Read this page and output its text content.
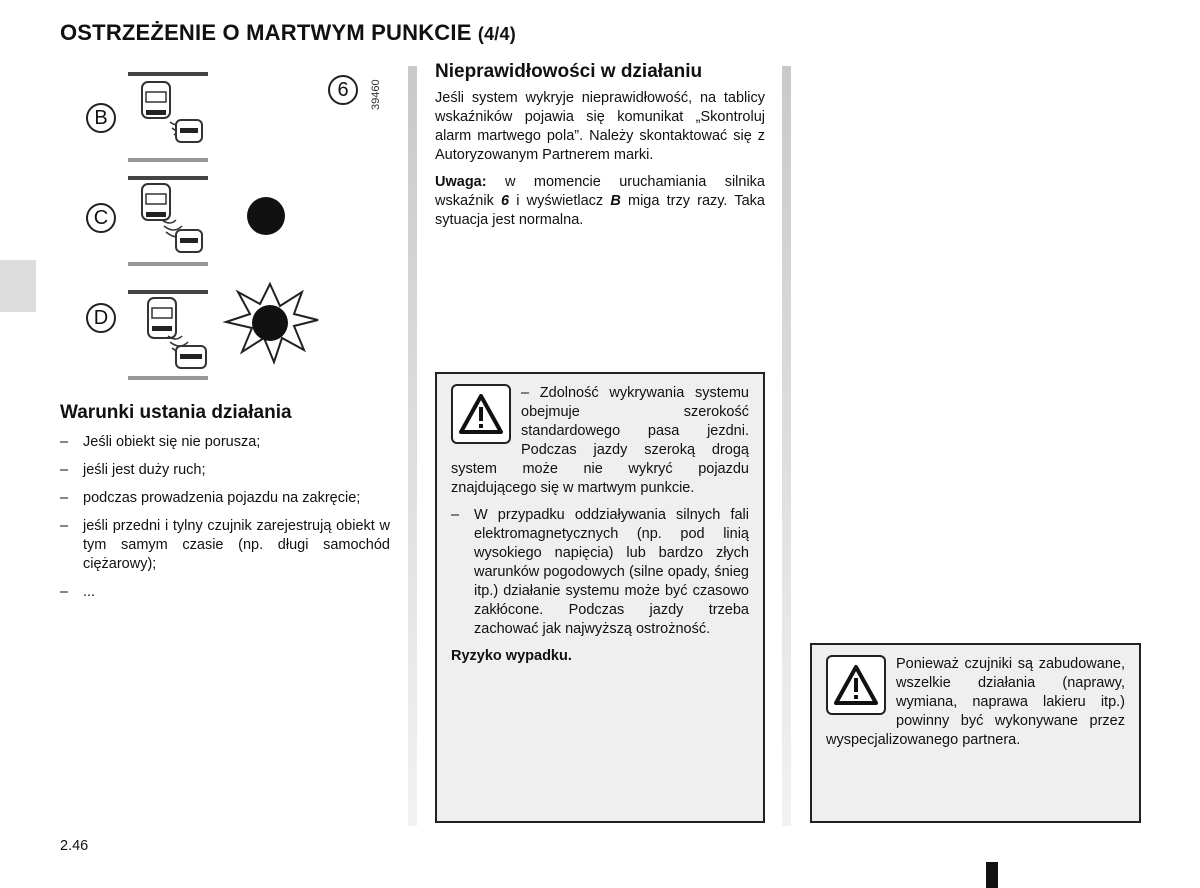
OSTRZEŻENIE O MARTWYM PUNKCIE (4/4)
B
C
D
6	39460
Warunki ustania działania
–	Jeśli obiekt się nie porusza;
–	jeśli jest duży ruch;
–	podczas prowadzenia pojazdu na zakręcie;
–	jeśli przedni i tylny czujnik zarejestrują obiekt w tym samym czasie (np. długi samochód ciężarowy);
–	...
Nieprawidłowości w działaniu

Jeśli system wykryje nieprawidłowość, na tablicy wskaźników pojawia się komunikat „Skontroluj alarm martwego pola”. Należy skontaktować się z Autoryzowanym Partnerem marki.

Uwaga: w momencie uruchamiania silnika wskaźnik 6 i wyświetlacz B miga trzy razy. Taka sytuacja jest normalna.

– Zdolność wykrywania systemu obejmuje szerokość standardowego pasa jezdni. Podczas jazdy szeroką drogą system może nie wykryć pojazdu znajdującego się w martwym punkcie.

–	W przypadku oddziaływania silnych fali elektromagnetycznych (np. pod linią wysokiego napięcia) lub bardzo złych warunków pogodowych (silne opady, śnieg itp.) działanie systemu może być czasowo zakłócone. Podczas jazdy trzeba zachować jak najwyższą ostrożność.

Ryzyko wypadku.	Ponieważ czujniki są zabudowane, wszelkie działania (naprawy, wymiana, naprawa lakieru itp.) powinny być wykonywane przez wyspecjalizowanego partnera.

2.46
